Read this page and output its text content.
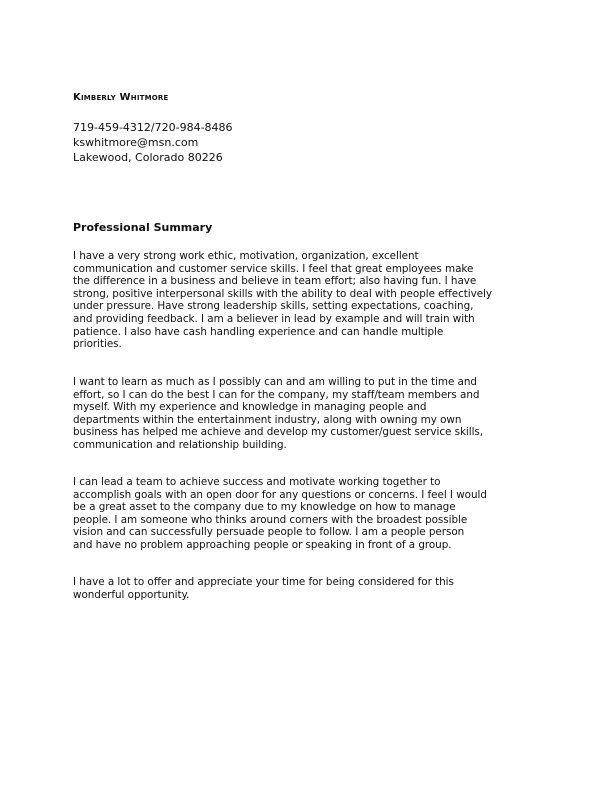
Kimberly Whitmore
719-459-4312/720-984-8486
kswhitmore@msn.com
Lakewood, Colorado 80226
Professional Summary
I have a very strong work ethic, motivation, organization, excellent
communication and customer service skills. I feel that great employees make
the difference in a business and believe in team effort; also having fun. I have
strong, positive interpersonal skills with the ability to deal with people effectively
under pressure. Have strong leadership skills, setting expectations, coaching,
and providing feedback. I am a believer in lead by example and will train with
patience. I also have cash handling experience and can handle multiple
priorities.
I want to learn as much as I possibly can and am willing to put in the time and
effort, so I can do the best I can for the company, my staff/team members and
myself. With my experience and knowledge in managing people and
departments within the entertainment industry, along with owning my own
business has helped me achieve and develop my customer/guest service skills,
communication and relationship building.
I can lead a team to achieve success and motivate working together to
accomplish goals with an open door for any questions or concerns. I feel I would
be a great asset to the company due to my knowledge on how to manage
people. I am someone who thinks around corners with the broadest possible
vision and can successfully persuade people to follow. I am a people person
and have no problem approaching people or speaking in front of a group.
I have a lot to offer and appreciate your time for being considered for this
wonderful opportunity.
